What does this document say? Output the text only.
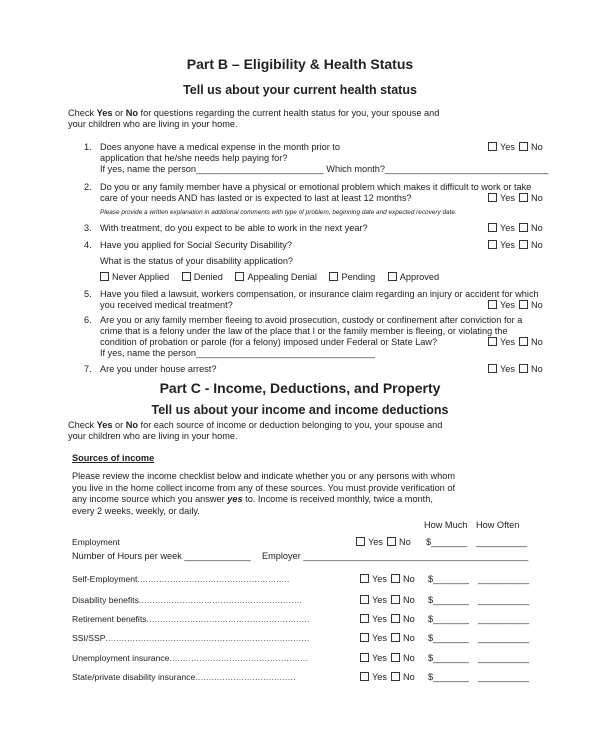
Part B – Eligibility & Health Status
Tell us about your current health status
Check Yes or No for questions regarding the current health status for you, your spouse and
your children who are living in your home.
1. Does anyone have a medical expense in the month prior to
application that he/she needs help paying for?
If yes, name the person_________________________ Which month?________________________________
Yes No
2. Do you or any family member have a physical or emotional problem which makes it difficult to work or take
care of your needs AND has lasted or is expected to last at least 12 months?
Please provide a written explanation in additional comments with type of problem, beginning date and expected recovery date.
Yes No
3. With treatment, do you expect to be able to work in the next year?	Yes No
4. Have you applied for Social Security Disability?	Yes No
What is the status of your disability application?
Never Applied	Denied	Appealing Denial	Pending	Approved
5. Have you filed a lawsuit, workers compensation, or insurance claim regarding an injury or accident for which
you received medical treatment?	Yes No
6. Are you or any family member fleeing to avoid prosecution, custody or confinement after conviction for a
crime that is a felony under the law of the place that I or the family member is fleeing, or violating the
condition of probation or parole (for a felony) imposed under Federal or State Law?
If yes, name the person___________________________________
Yes No
7. Are you under house arrest?	Yes No
Part C - Income, Deductions, and Property
Tell us about your income and income deductions
Check Yes or No for each source of income or deduction belonging to you, your spouse and
your children who are living in your home.
Sources of income
Please review the income checklist below and indicate whether you or any persons with whom
you live in the home collect income from any of these sources. You must provide verification of
any income source which you answer yes to. Income is received monthly, twice a month,
every 2 weeks, weekly, or daily.
How Much How Often
Employment	Yes No $_______ __________
Number of Hours per week _____________ Employer ____________________________________________
Self-Employment........................................................	Yes No $_______ __________
Disability benefits............................................................	Yes No $_______ __________
Retirement benefits............................................................	Yes No $_______ __________
SSI/SSP...........................................................................	Yes No $_______ __________
Unemployment insurance...................................................	Yes No $_______ __________
State/private disability insurance.....................................	Yes No $_______ __________
